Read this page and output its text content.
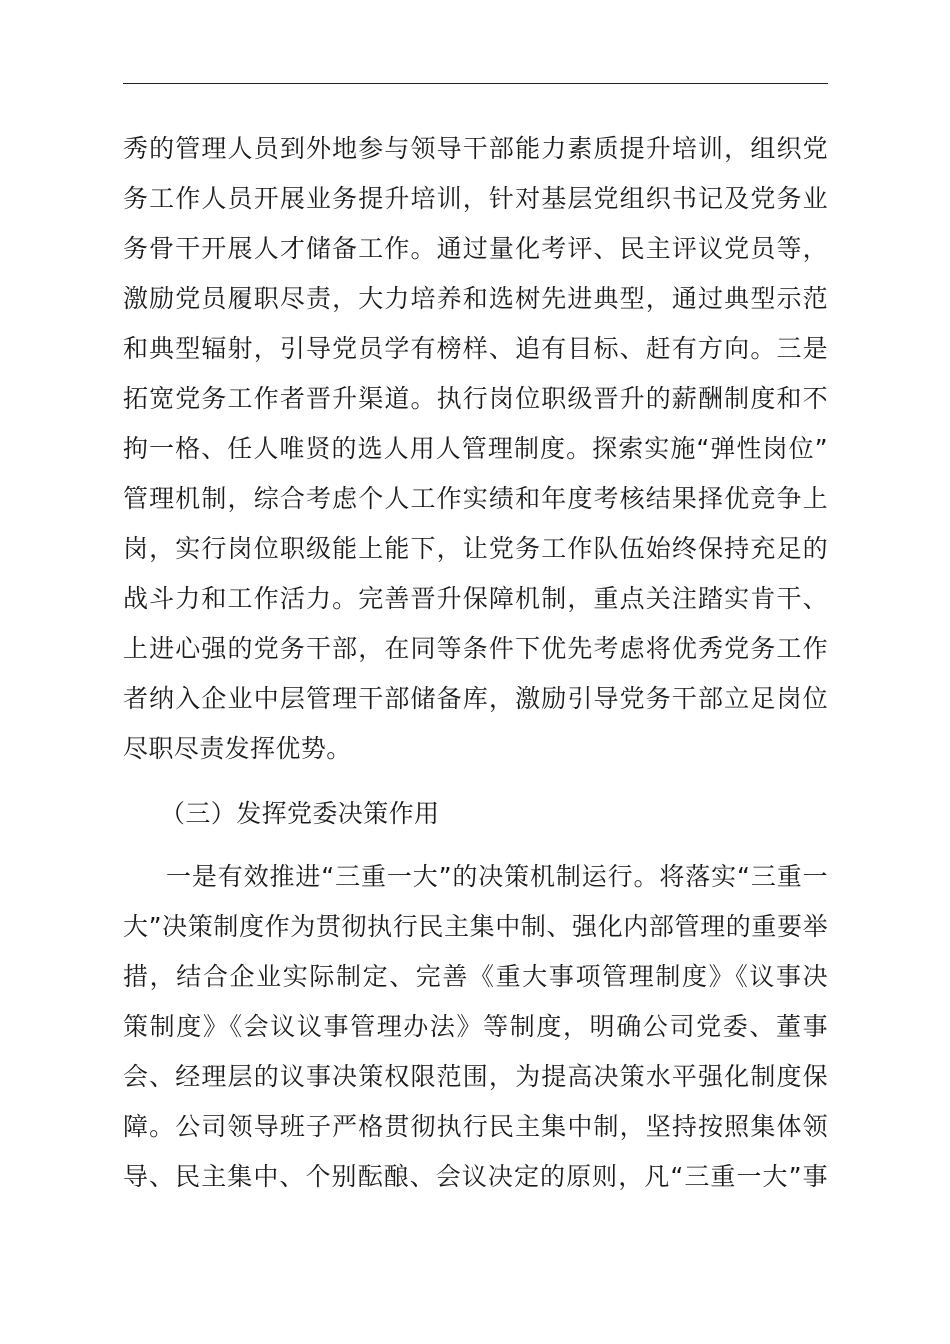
秀的管理人员到外地参与领导干部能力素质提升培训，组织党
务工作人员开展业务提升培训，针对基层党组织书记及党务业
务骨干开展人才储备工作。通过量化考评、民主评议党员等，
激励党员履职尽责，大力培养和选树先进典型，通过典型示范
和典型辐射，引导党员学有榜样、追有目标、赶有方向。三是
拓宽党务工作者晋升渠道。执行岗位职级晋升的薪酬制度和不
拘一格、任人唯贤的选人用人管理制度。探索实施“弹性岗位”
管理机制，综合考虑个人工作实绩和年度考核结果择优竞争上
岗，实行岗位职级能上能下，让党务工作队伍始终保持充足的
战斗力和工作活力。完善晋升保障机制，重点关注踏实肯干、
上进心强的党务干部，在同等条件下优先考虑将优秀党务工作
者纳入企业中层管理干部储备库，激励引导党务干部立足岗位
尽职尽责发挥优势。
（三）发挥党委决策作用
一是有效推进“三重一大”的决策机制运行。将落实“三重一
大”决策制度作为贯彻执行民主集中制、强化内部管理的重要举
措，结合企业实际制定、完善《重大事项管理制度》《议事决
策制度》《会议议事管理办法》等制度，明确公司党委、董事
会、经理层的议事决策权限范围，为提高决策水平强化制度保
障。公司领导班子严格贯彻执行民主集中制，坚持按照集体领
导、民主集中、个别酝酿、会议决定的原则，凡“三重一大”事
